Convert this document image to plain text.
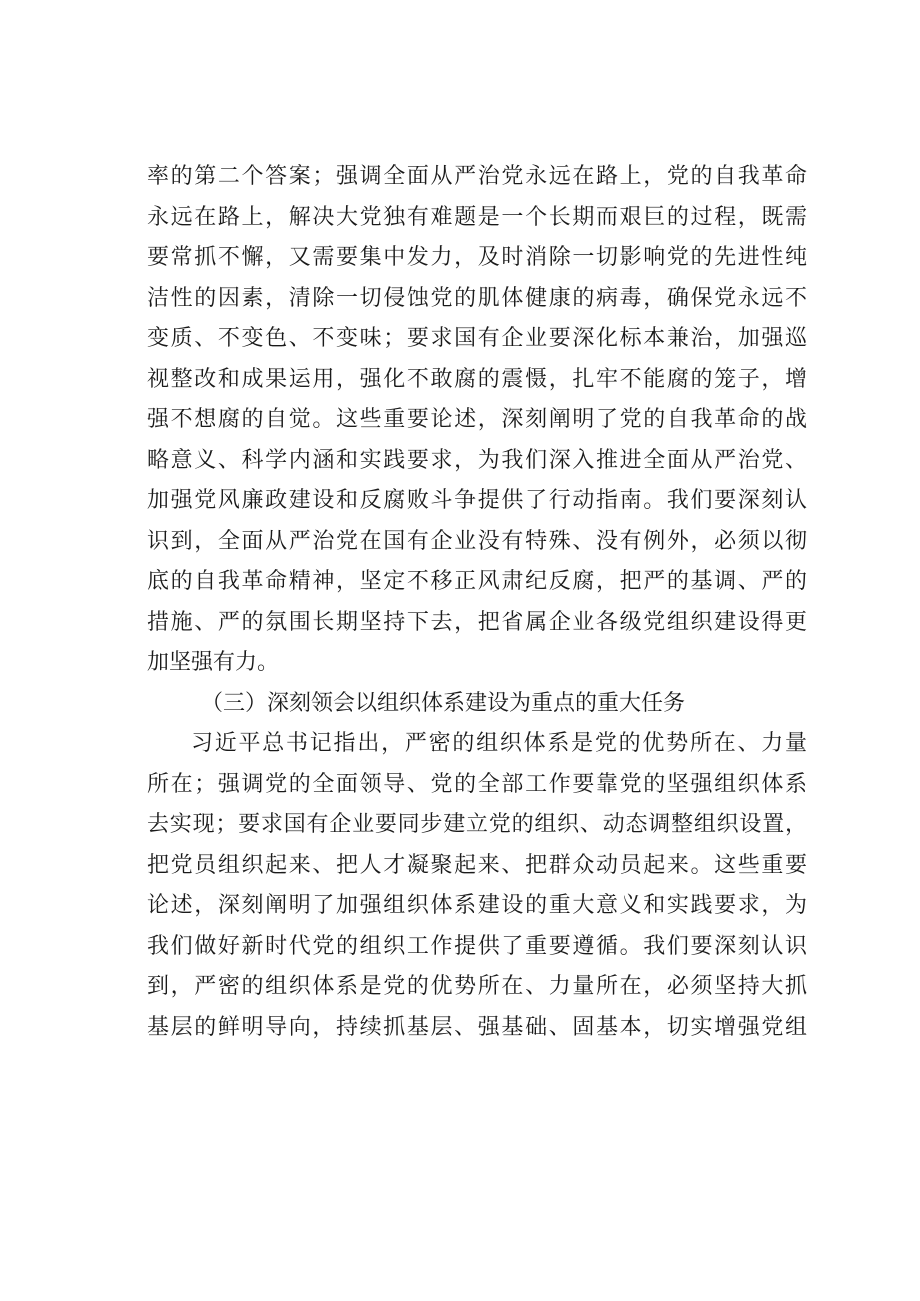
率的第二个答案；强调全面从严治党永远在路上，党的自我革命
永远在路上，解决大党独有难题是一个长期而艰巨的过程，既需
要常抓不懈，又需要集中发力，及时消除一切影响党的先进性纯
洁性的因素，清除一切侵蚀党的肌体健康的病毒，确保党永远不
变质、不变色、不变味；要求国有企业要深化标本兼治，加强巡
视整改和成果运用，强化不敢腐的震慑，扎牢不能腐的笼子，增
强不想腐的自觉。这些重要论述，深刻阐明了党的自我革命的战
略意义、科学内涵和实践要求，为我们深入推进全面从严治党、
加强党风廉政建设和反腐败斗争提供了行动指南。我们要深刻认
识到，全面从严治党在国有企业没有特殊、没有例外，必须以彻
底的自我革命精神，坚定不移正风肃纪反腐，把严的基调、严的
措施、严的氛围长期坚持下去，把省属企业各级党组织建设得更
加坚强有力。
（三）深刻领会以组织体系建设为重点的重大任务
习近平总书记指出，严密的组织体系是党的优势所在、力量
所在；强调党的全面领导、党的全部工作要靠党的坚强组织体系
去实现；要求国有企业要同步建立党的组织、动态调整组织设置，
把党员组织起来、把人才凝聚起来、把群众动员起来。这些重要
论述，深刻阐明了加强组织体系建设的重大意义和实践要求，为
我们做好新时代党的组织工作提供了重要遵循。我们要深刻认识
到，严密的组织体系是党的优势所在、力量所在，必须坚持大抓
基层的鲜明导向，持续抓基层、强基础、固基本，切实增强党组
